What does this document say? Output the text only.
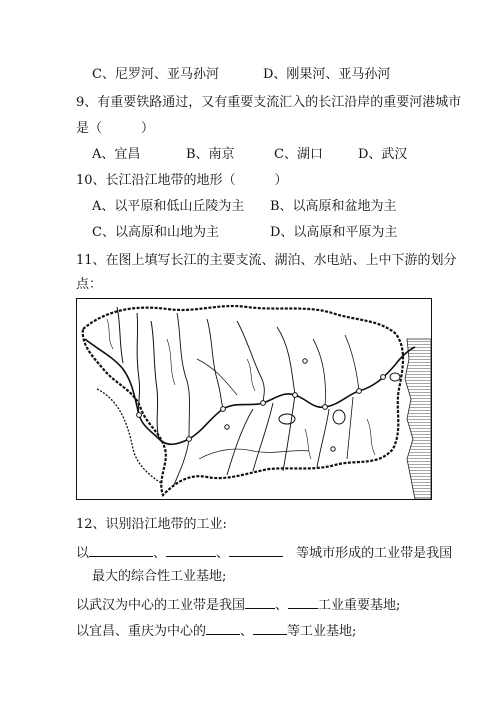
C、尼罗河、亚马孙河	D、刚果河、亚马孙河
9、有重要铁路通过，又有重要支流汇入的长江沿岸的重要河港城市
是（　　　）
A、宜昌	B、南京	C、湖口	D、武汉
10、长江沿江地带的地形（　　　）
A、以平原和低山丘陵为主 B、以高原和盆地为主
C、以高原和山地为主	D、以高原和平原为主
11、在图上填写长江的主要支流、湖泊、水电站、上中下游的划分
点：
12、识别沿江地带的工业:
以	、	、　	等城市形成的工业带是我国
最大的综合性工业基地;
以武汉为中心的工业带是我国 、 工业重要基地;
以宜昌、重庆为中心的	、	等工业基地;
